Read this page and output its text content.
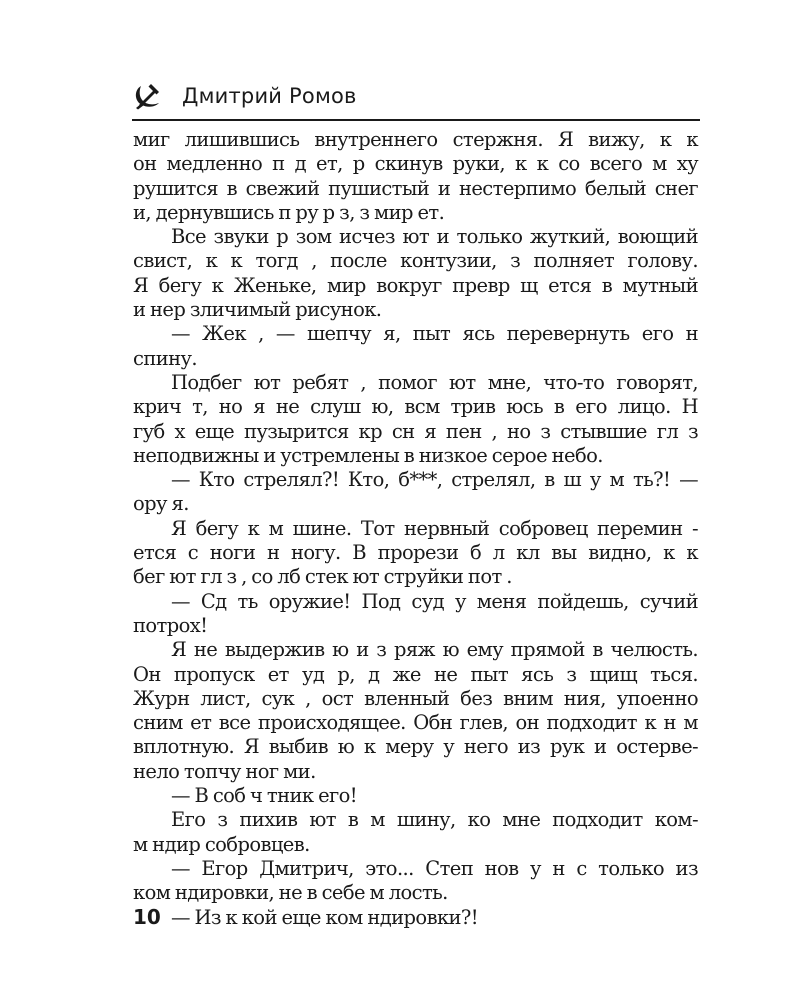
Дмитрий Ромов
миг лишившись внутреннего стержня. Я вижу, к к
он медленно п д ет, р скинув руки, к к со всего м ху
рушится в свежий пушистый и нестерпимо белый снег
и, дернувшись п ру р з, з мир ет.
Все звуки р зом исчез ют и только жуткий, воющий
свист, к к тогд , после контузии, з полняет голову.
Я бегу к Женьке, мир вокруг превр щ ется в мутный
и нер зличимый рисунок.
— Жек , — шепчу я, пыт ясь перевернуть его н
спину.
Подбег ют ребят , помог ют мне, что-то говорят,
крич т, но я не слуш ю, всм трив юсь в его лицо. Н
губ х еще пузырится кр сн я пен , но з стывшие гл з
неподвижны и устремлены в низкое серое небо.
— Кто стрелял?! Кто, б***, стрелял, в ш у м ть?! —
ору я.
Я бегу к м шине. Тот нервный собровец перемин -
ется с ноги н ногу. В прорези б л кл вы видно, к к
бег ют гл з , со лб стек ют струйки пот .
— Сд ть оружие! Под суд у меня пойдешь, сучий
потрох!
Я не выдержив ю и з ряж ю ему прямой в челюсть.
Он пропуск ет уд р, д же не пыт ясь з щищ ться.
Журн лист, сук , ост вленный без вним ния, упоенно
сним ет все происходящее. Обн глев, он подходит к н м
вплотную. Я выбив ю к меру у него из рук и остерве-
нело топчу ног ми.
— В соб ч тник его!
Его з пихив ют в м шину, ко мне подходит ком-
м ндир собровцев.
— Егор Дмитрич, это... Степ нов у н с только из
ком ндировки, не в себе м лость.
— Из к кой еще ком ндировки?!
10
